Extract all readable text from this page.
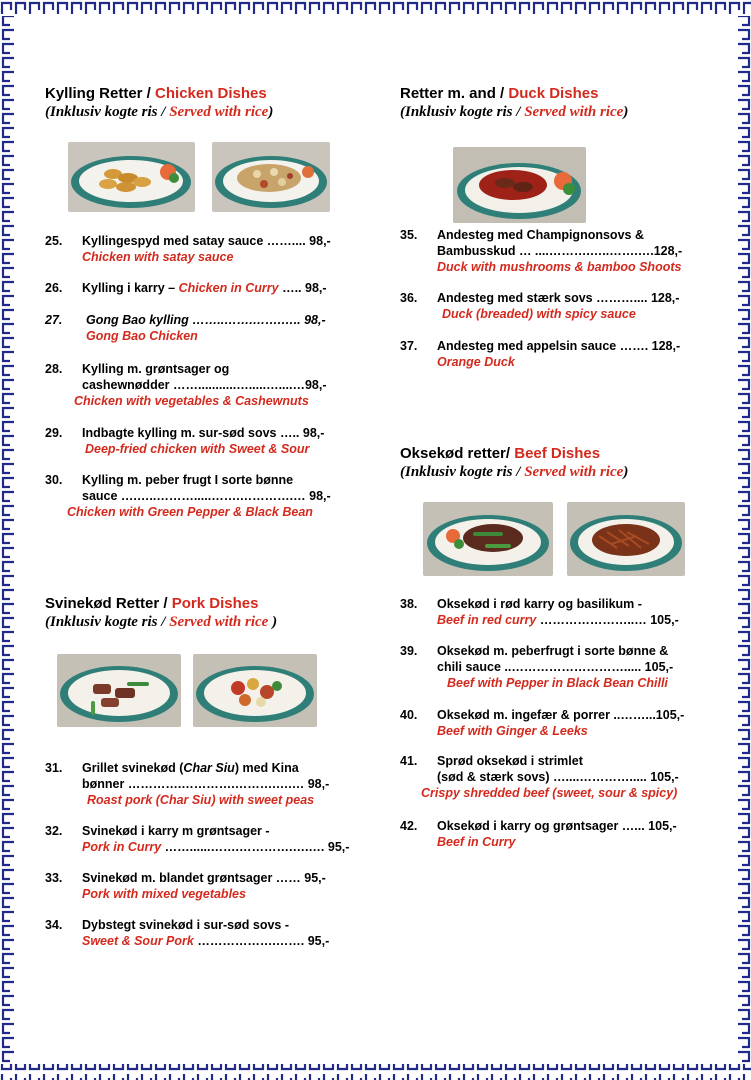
Kylling Retter / Chicken Dishes
(Inklusiv kogte ris / Served with rice)
25. Kyllingespyd med satay sauce …….... 98,-
Chicken with satay sauce
26. Kylling i karry – Chicken in Curry ….. 98,-
27. Gong Bao kylling ……..…….…….….. 98,-
Gong Bao Chicken
28. Kylling m. grøntsager og
cashewnødder ……...........….....…....…98,-
Chicken with vegetables & Cashewnuts
29. Indbagte kylling m. sur-sød sovs ….. 98,-
Deep-fried chicken with Sweet & Sour
30. Kylling m. peber frugt I sorte bønne
sauce ….…..……….....…….………….… 98,-
Chicken with Green Pepper & Black Bean
Svinekød Retter / Pork Dishes
(Inklusiv kogte ris / Served with rice )
31. Grillet svinekød (Char Siu) med Kina
bønner ………….………….……….….… 98,-
Roast pork (Char Siu) with sweet peas
32. Svinekød i karry m grøntsager -
Pork in Curry ……......…….………….….…. 95,-
33. Svinekød m. blandet grøntsager …… 95,-
Pork with mixed vegetables
34. Dybstegt svinekød i sur-sød sovs -
Sweet & Sour Pork ……………….……. 95,-
Retter m. and / Duck Dishes
(Inklusiv kogte ris / Served with rice)
35. Andesteg med Champignonsovs &
Bambusskud … ....……….…..…….….128,-
Duck with mushrooms & bamboo Shoots
36. Andesteg med stærk sovs ……….... 128,-
Duck (breaded) with spicy sauce
37. Andesteg med appelsin sauce ……. 128,-
Orange Duck
Oksekød retter/ Beef Dishes
(Inklusiv kogte ris / Served with rice)
38. Oksekød i rød karry og basilikum -
Beef in red curry …………………..… 105,-
39. Oksekød m. peberfrugt i sorte bønne &
chili sauce ..………………………..... 105,-
Beef with Pepper in Black Bean Chilli
40. Oksekød m. ingefær & porrer ..……...105,-
Beef with Ginger & Leeks
41. Sprød oksekød i strimlet
(sød & stærk sovs) …....…………..... 105,-
Crispy shredded beef (sweet, sour & spicy)
42. Oksekød i karry og grøntsager …... 105,-
Beef in Curry
